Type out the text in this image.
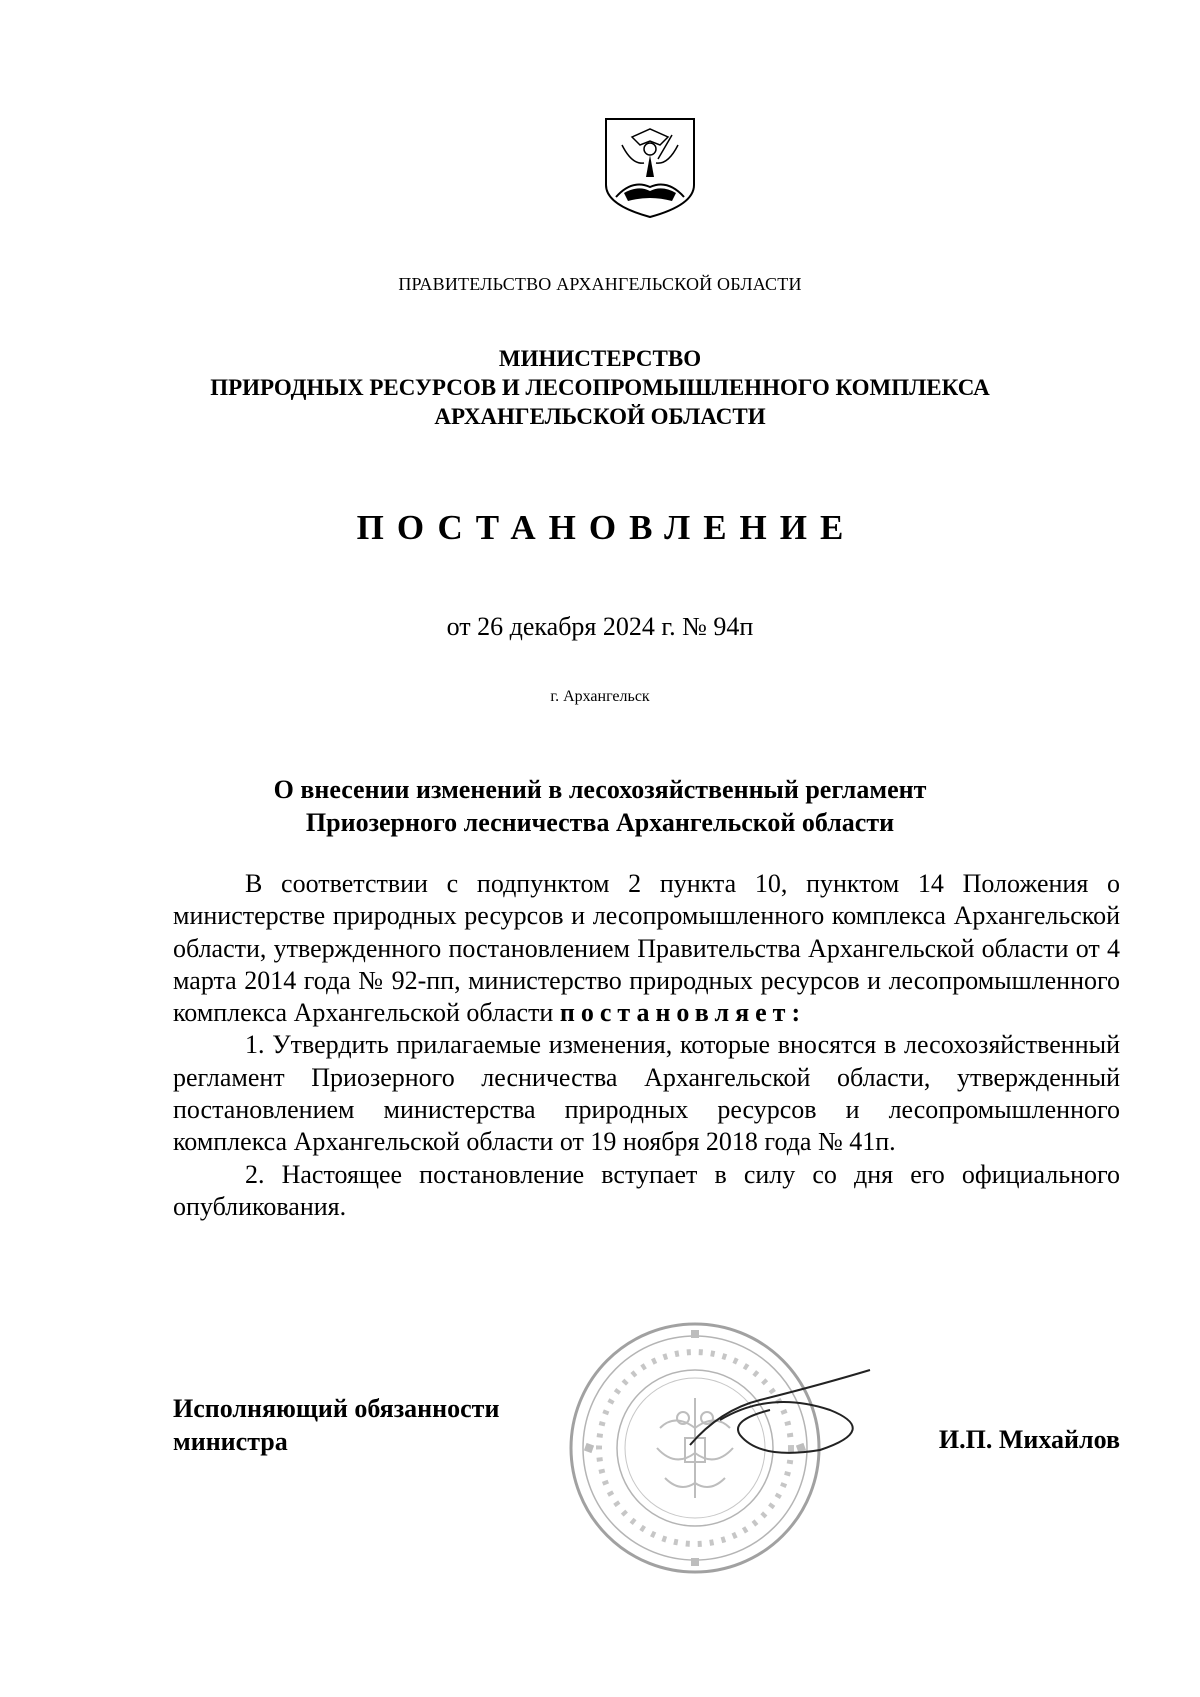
ПРАВИТЕЛЬСТВО АРХАНГЕЛЬСКОЙ ОБЛАСТИ
МИНИСТЕРСТВО
ПРИРОДНЫХ РЕСУРСОВ И ЛЕСОПРОМЫШЛЕННОГО КОМПЛЕКСА
АРХАНГЕЛЬСКОЙ ОБЛАСТИ
ПОСТАНОВЛЕНИЕ
от 26 декабря 2024 г. № 94п
г. Архангельск
О внесении изменений в лесохозяйственный регламент
Приозерного лесничества Архангельской области

В соответствии с подпунктом 2 пункта 10, пунктом 14 Положения о министерстве природных ресурсов и лесопромышленного комплекса Архангельской области, утвержденного постановлением Правительства Архангельской области от 4 марта 2014 года № 92-пп, министерство природных ресурсов и лесопромышленного комплекса Архангельской области постановляет:

1. Утвердить прилагаемые изменения, которые вносятся в лесохозяйственный регламент Приозерного лесничества Архангельской области, утвержденный постановлением министерства природных ресурсов и лесопромышленного комплекса Архангельской области от 19 ноября 2018 года № 41п.

2. Настоящее постановление вступает в силу со дня его официального опубликования.

Исполняющий обязанности
министра	И.П. Михайлов
